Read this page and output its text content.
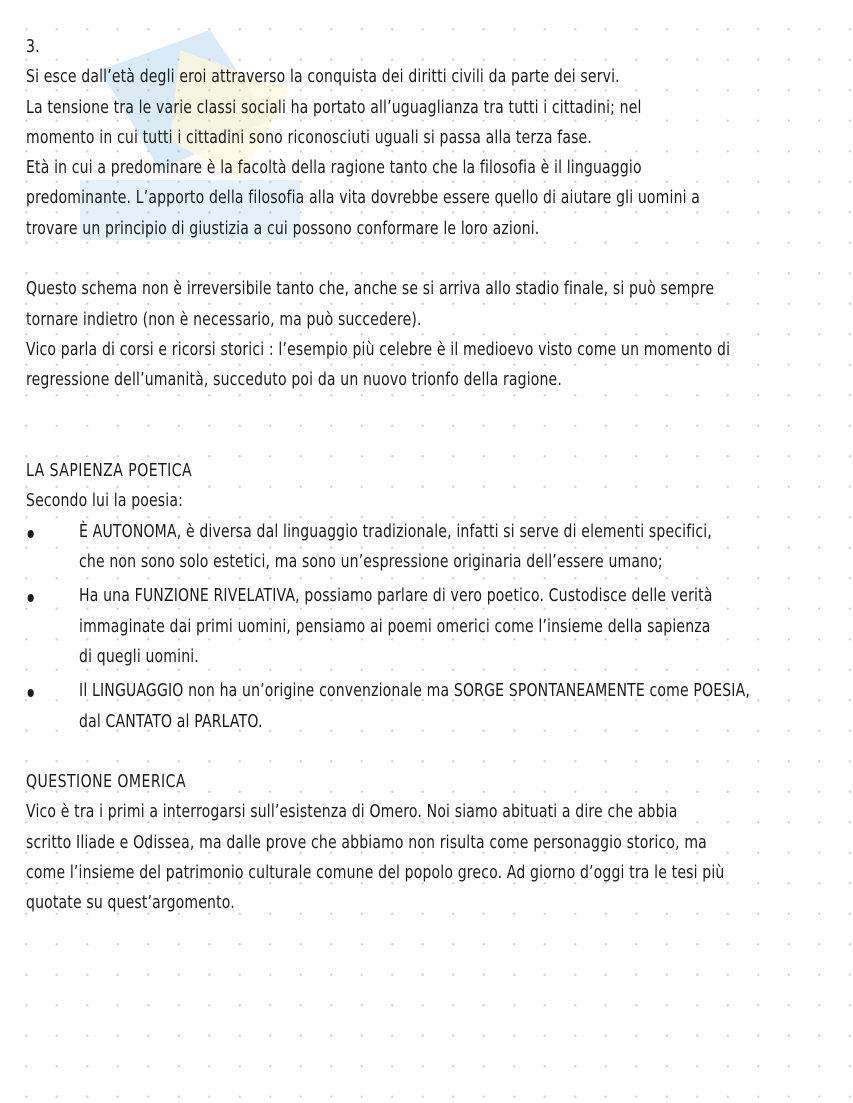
3.
Si esce dall’età degli eroi attraverso la conquista dei diritti civili da parte dei servi.
La tensione tra le varie classi sociali ha portato all’uguaglianza tra tutti i cittadini; nel
momento in cui tutti i cittadini sono riconosciuti uguali si passa alla terza fase.
Età in cui a predominare è la facoltà della ragione tanto che la filosofia è il linguaggio
predominante. L’apporto della filosofia alla vita dovrebbe essere quello di aiutare gli uomini a
trovare un principio di giustizia a cui possono conformare le loro azioni.
Questo schema non è irreversibile tanto che, anche se si arriva allo stadio finale, si può sempre
tornare indietro (non è necessario, ma può succedere).
Vico parla di corsi e ricorsi storici : l’esempio più celebre è il medioevo visto come un momento di
regressione dell’umanità, succeduto poi da un nuovo trionfo della ragione.
LA SAPIENZA POETICA
Secondo lui la poesia:
È AUTONOMA, è diversa dal linguaggio tradizionale, infatti si serve di elementi specifici,
che non sono solo estetici, ma sono un’espressione originaria dell’essere umano;
Ha una FUNZIONE RIVELATIVA, possiamo parlare di vero poetico. Custodisce delle verità
immaginate dai primi uomini, pensiamo ai poemi omerici come l’insieme della sapienza
di quegli uomini.
Il LINGUAGGIO non ha un’origine convenzionale ma SORGE SPONTANEAMENTE come POESIA,
dal CANTATO al PARLATO.
QUESTIONE OMERICA
Vico è tra i primi a interrogarsi sull’esistenza di Omero. Noi siamo abituati a dire che abbia
scritto Iliade e Odissea, ma dalle prove che abbiamo non risulta come personaggio storico, ma
come l’insieme del patrimonio culturale comune del popolo greco. Ad giorno d’oggi tra le tesi più
quotate su quest’argomento.
